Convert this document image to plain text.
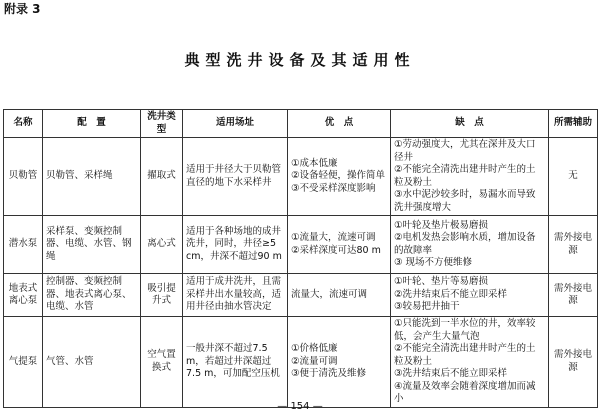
附录 3
典型洗井设备及其适用性
名称	配　置	洗井类型	适用场址	优　点	缺　点	所需辅助
贝勒管	贝勒管、采样绳	擢取式	适用于井径大于贝勒管直径的地下水采样井	①成本低廉
②设备轻便，操作简单
③不受采样深度影响	①劳动强度大，尤其在深井及大口径井
②不能完全清洗出建井时产生的土粒及粉土
③水中泥沙较多时，易漏水而导致洗井强度增大	无
潜水泵	采样泵、变频控制器、电缆、水管、钢绳	离心式	适用于各种场地的成井洗井，同时，井径≥5 cm，井深不超过90 m	①流量大，流速可调
②采样深度可达80 m	①叶轮及垫片极易磨损
②电机发热会影响水质，增加设备的故障率
③ 现场不方便维修	需外接电源
地表式离心泵	控制器、变频控制器、地表式离心泵、电缆、水管	吸引提升式	适用于成井洗井，且需采样井出水量较高，适用井径由抽水管决定	流量大，流速可调	①叶轮、垫片等易磨损
②洗井结束后不能立即采样
③较易把井抽干	需外接电源
气提泵	气管、水管	空气置换式	一般井深不超过7.5 m，若超过井深超过7.5 m，可加配空压机	①价格低廉
②流量可调
③便于清洗及维修	①只能洗到一半水位的井，效率较低，会产生大量气泡
②不能完全清洗出建井时产生的土粒及粉土
③洗井结束后不能立即采样
④流量及效率会随着深度增加而减小	需外接电源
— 154 —
